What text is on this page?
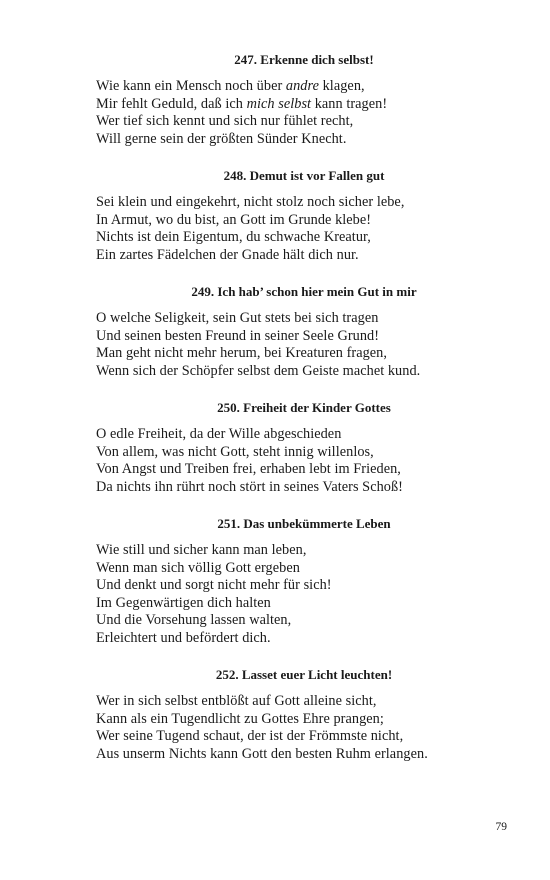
247. Erkenne dich selbst!
Wie kann ein Mensch noch über andre klagen,
Mir fehlt Geduld, daß ich mich selbst kann tragen!
Wer tief sich kennt und sich nur fühlet recht,
Will gerne sein der größten Sünder Knecht.
248. Demut ist vor Fallen gut
Sei klein und eingekehrt, nicht stolz noch sicher lebe,
In Armut, wo du bist, an Gott im Grunde klebe!
Nichts ist dein Eigentum, du schwache Kreatur,
Ein zartes Fädelchen der Gnade hält dich nur.
249. Ich hab’ schon hier mein Gut in mir
O welche Seligkeit, sein Gut stets bei sich tragen
Und seinen besten Freund in seiner Seele Grund!
Man geht nicht mehr herum, bei Kreaturen fragen,
Wenn sich der Schöpfer selbst dem Geiste machet kund.
250. Freiheit der Kinder Gottes
O edle Freiheit, da der Wille abgeschieden
Von allem, was nicht Gott, steht innig willenlos,
Von Angst und Treiben frei, erhaben lebt im Frieden,
Da nichts ihn rührt noch stört in seines Vaters Schoß!
251. Das unbekümmerte Leben
Wie still und sicher kann man leben,
Wenn man sich völlig Gott ergeben
Und denkt und sorgt nicht mehr für sich!
Im Gegenwärtigen dich halten
Und die Vorsehung lassen walten,
Erleichtert und befördert dich.
252. Lasset euer Licht leuchten!
Wer in sich selbst entblößt auf Gott alleine sicht,
Kann als ein Tugendlicht zu Gottes Ehre prangen;
Wer seine Tugend schaut, der ist der Frömmste nicht,
Aus unserm Nichts kann Gott den besten Ruhm erlangen.
79
